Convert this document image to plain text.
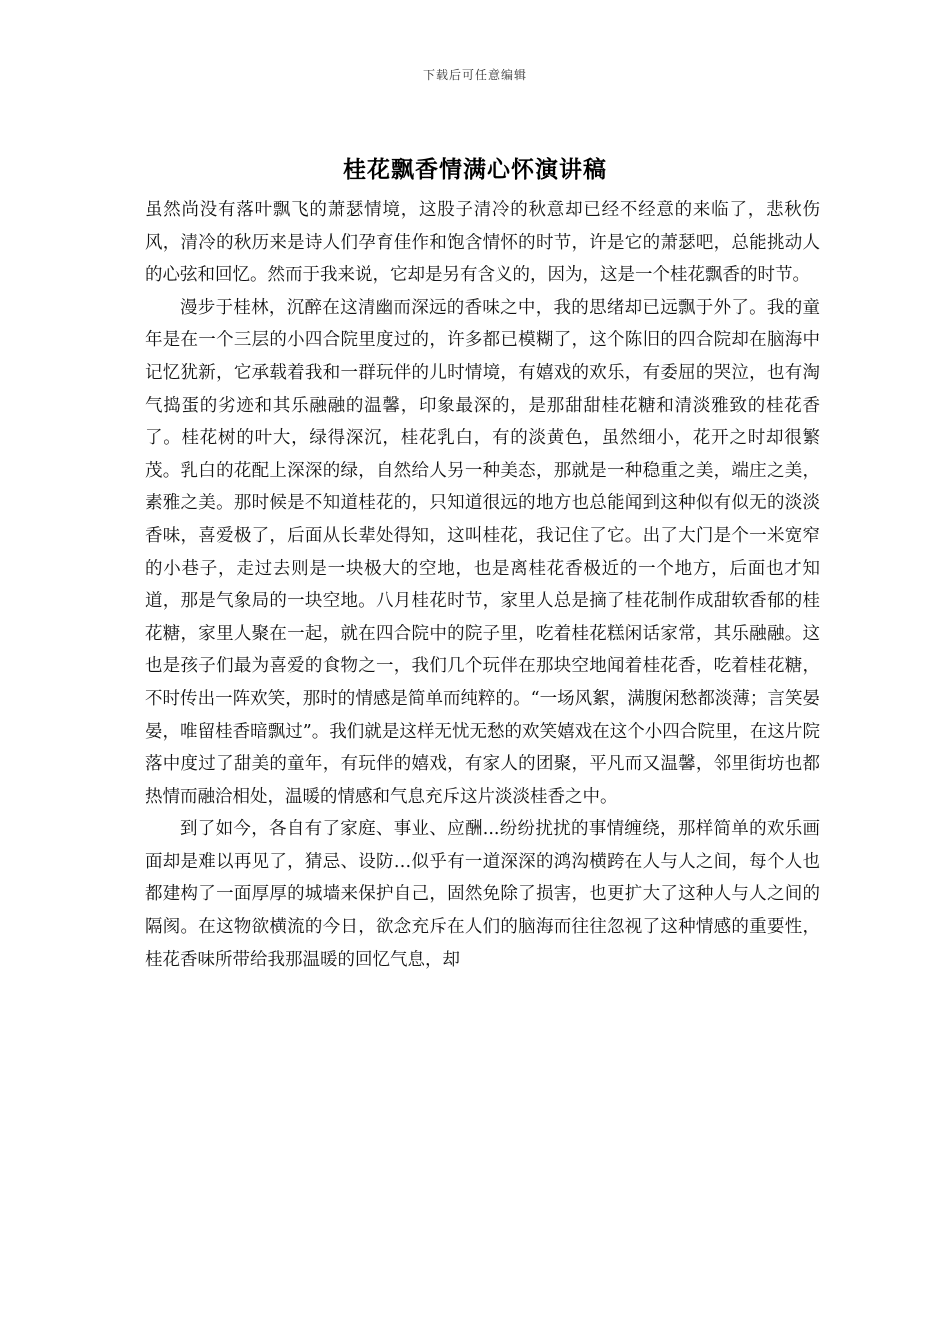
下载后可任意编辑
桂花飘香情满心怀演讲稿

虽然尚没有落叶飘飞的萧瑟情境，这股子清冷的秋意却已经不经意的来临了，悲秋伤风，清冷的秋历来是诗人们孕育佳作和饱含情怀的时节，许是它的萧瑟吧，总能挑动人的心弦和回忆。然而于我来说，它却是另有含义的，因为，这是一个桂花飘香的时节。

漫步于桂林，沉醉在这清幽而深远的香味之中，我的思绪却已远飘于外了。我的童年是在一个三层的小四合院里度过的，许多都已模糊了，这个陈旧的四合院却在脑海中记忆犹新，它承载着我和一群玩伴的儿时情境，有嬉戏的欢乐，有委屈的哭泣，也有淘气捣蛋的劣迹和其乐融融的温馨，印象最深的，是那甜甜桂花糖和清淡雅致的桂花香了。桂花树的叶大，绿得深沉，桂花乳白，有的淡黄色，虽然细小，花开之时却很繁茂。乳白的花配上深深的绿，自然给人另一种美态，那就是一种稳重之美，端庄之美，素雅之美。那时候是不知道桂花的，只知道很远的地方也总能闻到这种似有似无的淡淡香味，喜爱极了，后面从长辈处得知，这叫桂花，我记住了它。出了大门是个一米宽窄的小巷子，走过去则是一块极大的空地，也是离桂花香极近的一个地方，后面也才知道，那是气象局的一块空地。八月桂花时节，家里人总是摘了桂花制作成甜软香郁的桂花糖，家里人聚在一起，就在四合院中的院子里，吃着桂花糕闲话家常，其乐融融。这也是孩子们最为喜爱的食物之一，我们几个玩伴在那块空地闻着桂花香，吃着桂花糖，不时传出一阵欢笑，那时的情感是简单而纯粹的。“一场风絮，满腹闲愁都淡薄；言笑晏晏，唯留桂香暗飘过”。我们就是这样无忧无愁的欢笑嬉戏在这个小四合院里，在这片院落中度过了甜美的童年，有玩伴的嬉戏，有家人的团聚，平凡而又温馨，邻里街坊也都热情而融洽相处，温暖的情感和气息充斥这片淡淡桂香之中。

到了如今，各自有了家庭、事业、应酬...纷纷扰扰的事情缠绕，那样简单的欢乐画面却是难以再见了，猜忌、设防…似乎有一道深深的鸿沟横跨在人与人之间，每个人也都建构了一面厚厚的城墙来保护自己，固然免除了损害，也更扩大了这种人与人之间的隔阂。在这物欲横流的今日，欲念充斥在人们的脑海而往往忽视了这种情感的重要性，桂花香味所带给我那温暖的回忆气息，却
